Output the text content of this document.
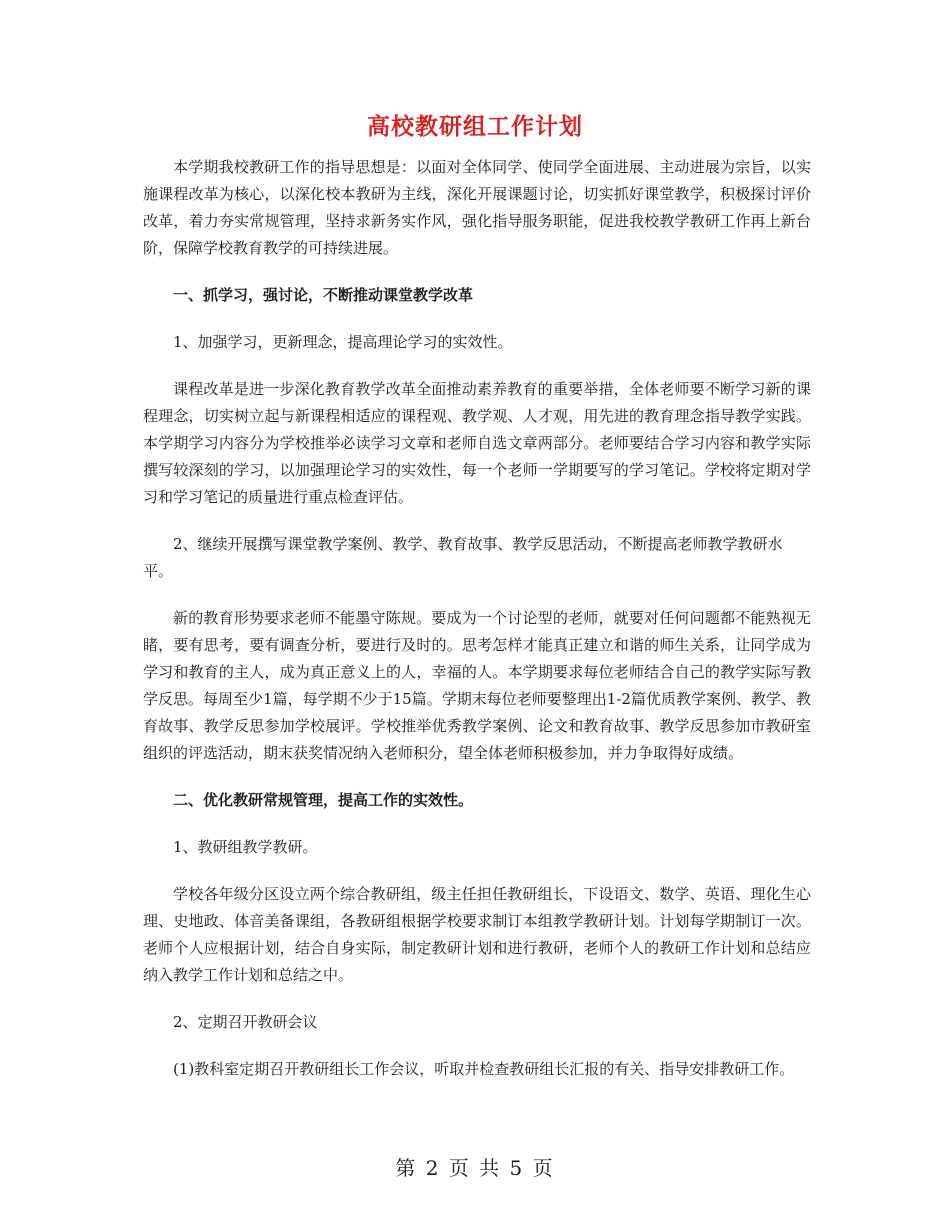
高校教研组工作计划

本学期我校教研工作的指导思想是：以面对全体同学、使同学全面进展、主动进展为宗旨，以实施课程改革为核心，以深化校本教研为主线，深化开展课题讨论，切实抓好课堂教学，积极探讨评价改革，着力夯实常规管理，坚持求新务实作风，强化指导服务职能，促进我校教学教研工作再上新台阶，保障学校教育教学的可持续进展。

一、抓学习，强讨论，不断推动课堂教学改革

1、加强学习，更新理念，提高理论学习的实效性。

课程改革是进一步深化教育教学改革全面推动素养教育的重要举措，全体老师要不断学习新的课程理念，切实树立起与新课程相适应的课程观、教学观、人才观，用先进的教育理念指导教学实践。本学期学习内容分为学校推举必读学习文章和老师自选文章两部分。老师要结合学习内容和教学实际撰写较深刻的学习，以加强理论学习的实效性，每一个老师一学期要写的学习笔记。学校将定期对学习和学习笔记的质量进行重点检查评估。

2、继续开展撰写课堂教学案例、教学、教育故事、教学反思活动，不断提高老师教学教研水平。

新的教育形势要求老师不能墨守陈规。要成为一个讨论型的老师，就要对任何问题都不能熟视无睹，要有思考，要有调查分析，要进行及时的。思考怎样才能真正建立和谐的师生关系，让同学成为学习和教育的主人，成为真正意义上的人，幸福的人。本学期要求每位老师结合自己的教学实际写教学反思。每周至少1篇，每学期不少于15篇。学期末每位老师要整理出1-2篇优质教学案例、教学、教育故事、教学反思参加学校展评。学校推举优秀教学案例、论文和教育故事、教学反思参加市教研室组织的评选活动，期末获奖情况纳入老师积分，望全体老师积极参加，并力争取得好成绩。

二、优化教研常规管理，提高工作的实效性。

1、教研组教学教研。

学校各年级分区设立两个综合教研组，级主任担任教研组长，下设语文、数学、英语、理化生心理、史地政、体音美备课组，各教研组根据学校要求制订本组教学教研计划。计划每学期制订一次。老师个人应根据计划，结合自身实际，制定教研计划和进行教研，老师个人的教研工作计划和总结应纳入教学工作计划和总结之中。

2、定期召开教研会议

(1)教科室定期召开教研组长工作会议，听取并检查教研组长汇报的有关、指导安排教研工作。

第 2 页 共 5 页
